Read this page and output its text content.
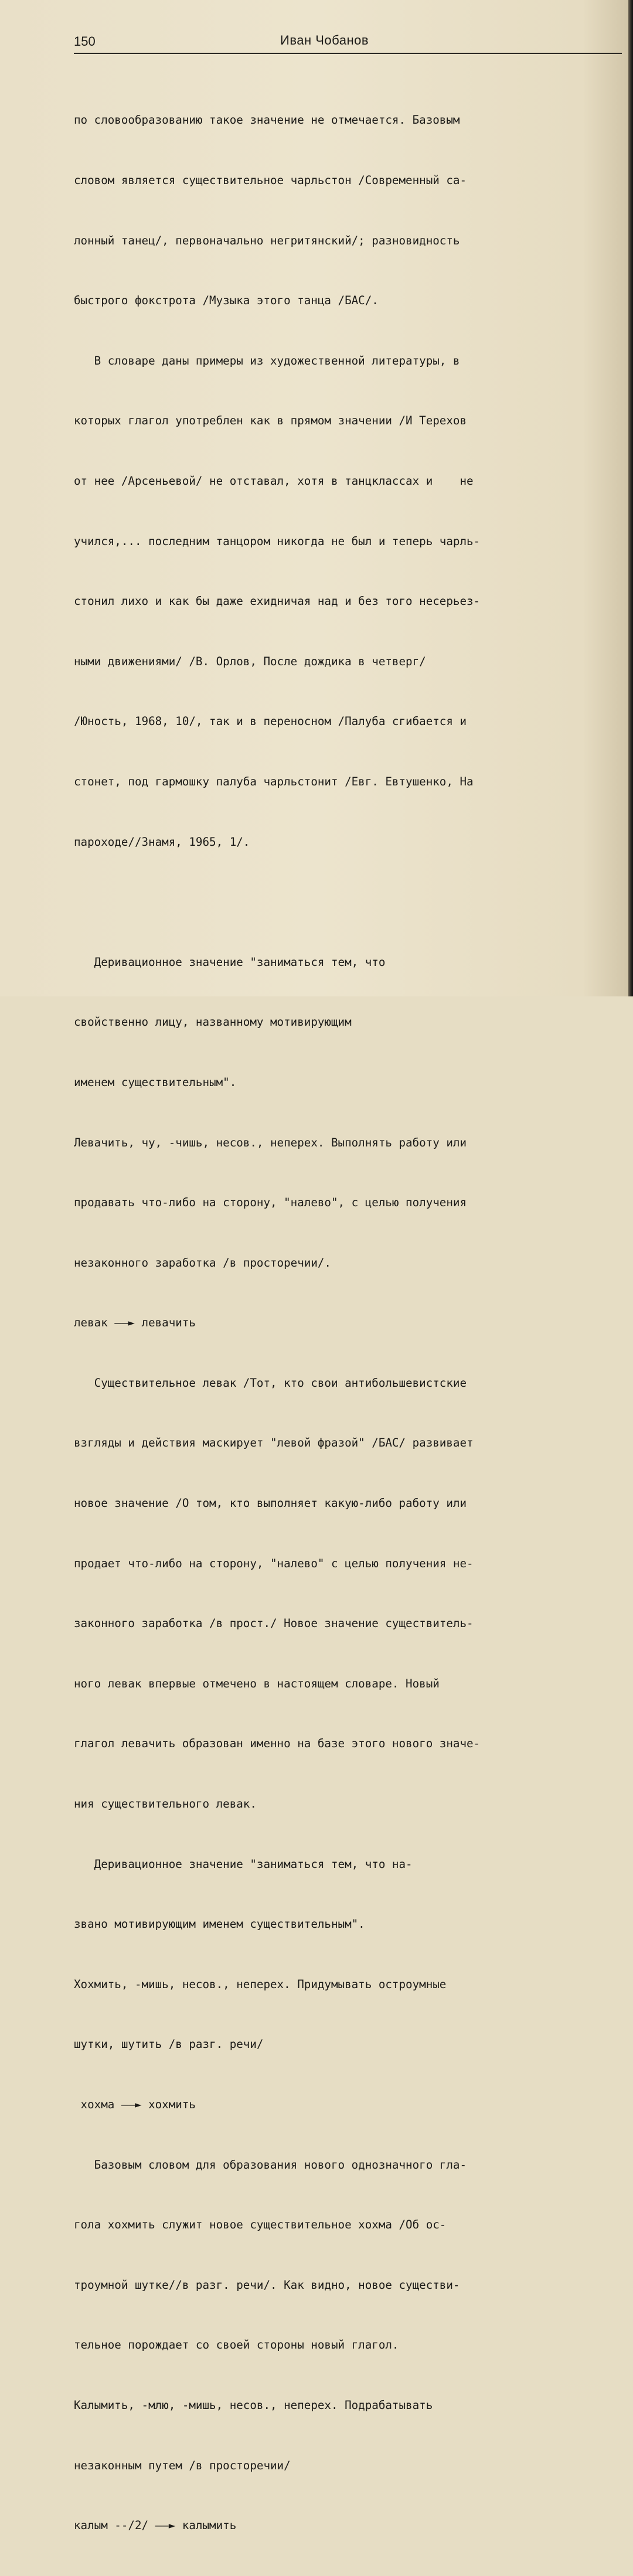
150	Иван Чобанов

по словообразованию такое значение не отмечается. Базовым

словом является существительное чарльстон /Современный са-

лонный танец/, первоначально негритянский/; разновидность

быстрого фокстрота /Музыка этого танца /БАС/.

В словаре даны примеры из художественной литературы, в

которых глагол употреблен как в прямом значении /И Терехов

от нее /Арсеньевой/ не отставал, хотя в танцклассах и    не

учился,... последним танцором никогда не был и теперь чарль-

стонил лихо и как бы даже ехидничая над и без того несерьез-

ными движениями/ /В. Орлов, После дождика в четверг/

/Юность, 1968, 10/, так и в переносном /Палуба сгибается и

стонет, под гармошку палуба чарльстонит /Евг. Евтушенко, На

пароходе//Знамя, 1965, 1/.

Деривационное значение "заниматься тем, что

свойственно лицу, названному мотивирующим

именем существительным".

Левачить, чу, -чишь, несов., неперех. Выполнять работу или

продавать что-либо на сторону, "налево", с целью получения

незаконного заработка /в просторечии/.

левак ——► левачить

Существительное левак /Тот, кто свои антибольшевистские

взгляды и действия маскирует "левой фразой" /БАС/ развивает

новое значение /О том, кто выполняет какую-либо работу или

продает что-либо на сторону, "налево" с целью получения не-

законного заработка /в прост./ Новое значение существитель-

ного левак впервые отмечено в настоящем словаре. Новый

глагол левачить образован именно на базе этого нового значе-

ния существительного левак.

Деривационное значение "заниматься тем, что на-

звано мотивирующим именем существительным".

Хохмить, -мишь, несов., неперех. Придумывать остроумные

шутки, шутить /в разг. речи/

хохма ——► хохмить

Базовым словом для образования нового однозначного гла-

гола хохмить служит новое существительное хохма /Об ос-

троумной шутке//в разг. речи/. Как видно, новое существи-

тельное порождает со своей стороны новый глагол.

Калымить, -млю, -мишь, несов., неперех. Подрабатывать

незаконным путем /в просторечии/

калым --/2/ ——► калымить
